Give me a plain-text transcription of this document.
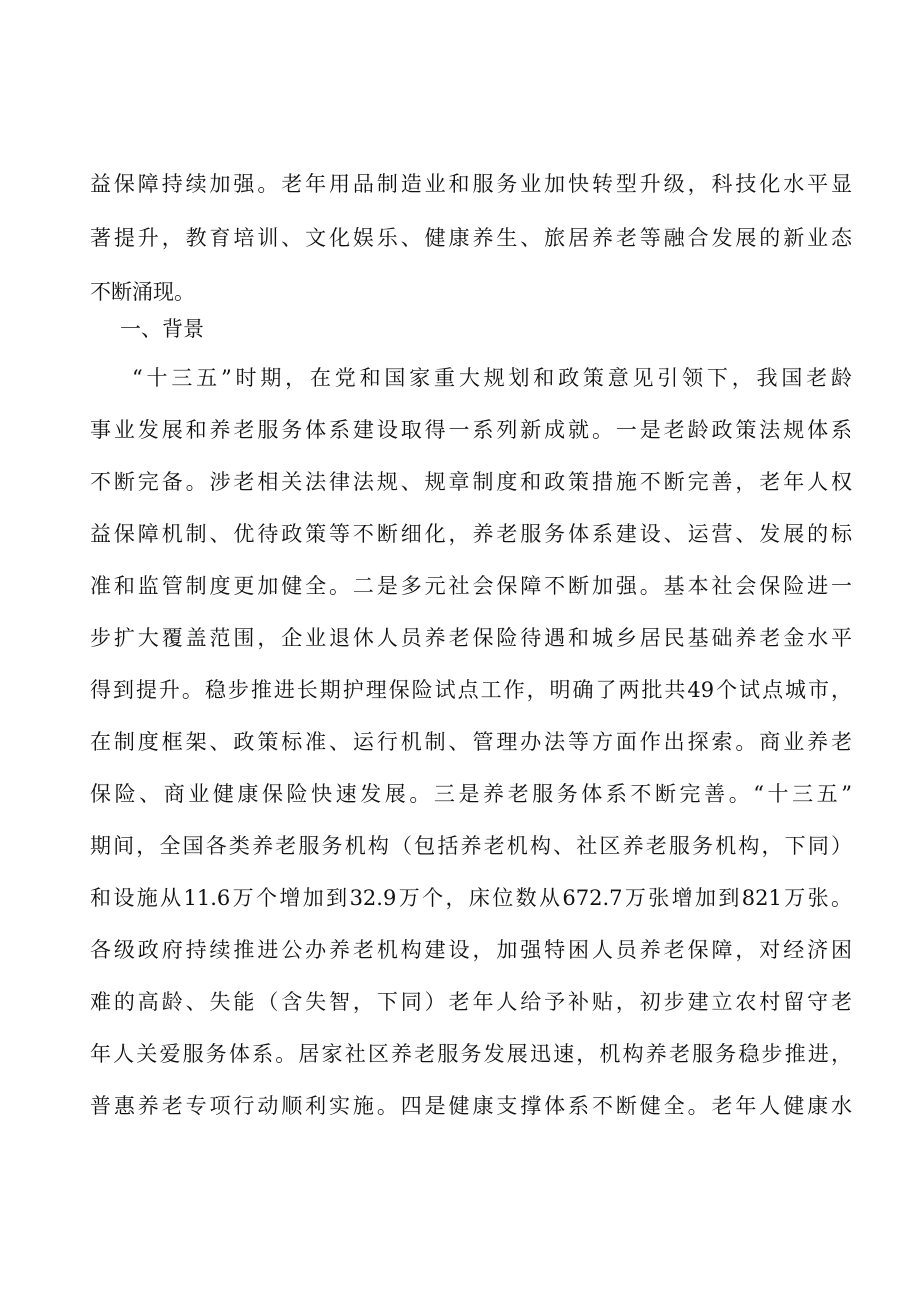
益保障持续加强。老年用品制造业和服务业加快转型升级，科技化水平显
著提升，教育培训、文化娱乐、健康养生、旅居养老等融合发展的新业态
不断涌现。
一、背景
“十三五”时期，在党和国家重大规划和政策意见引领下，我国老龄
事业发展和养老服务体系建设取得一系列新成就。一是老龄政策法规体系
不断完备。涉老相关法律法规、规章制度和政策措施不断完善，老年人权
益保障机制、优待政策等不断细化，养老服务体系建设、运营、发展的标
准和监管制度更加健全。二是多元社会保障不断加强。基本社会保险进一
步扩大覆盖范围，企业退休人员养老保险待遇和城乡居民基础养老金水平
得到提升。稳步推进长期护理保险试点工作，明确了两批共49个试点城市，
在制度框架、政策标准、运行机制、管理办法等方面作出探索。商业养老
保险、商业健康保险快速发展。三是养老服务体系不断完善。“十三五”
期间，全国各类养老服务机构（包括养老机构、社区养老服务机构，下同）
和设施从11.6万个增加到32.9万个，床位数从672.7万张增加到821万张。
各级政府持续推进公办养老机构建设，加强特困人员养老保障，对经济困
难的高龄、失能（含失智，下同）老年人给予补贴，初步建立农村留守老
年人关爱服务体系。居家社区养老服务发展迅速，机构养老服务稳步推进，
普惠养老专项行动顺利实施。四是健康支撑体系不断健全。老年人健康水
